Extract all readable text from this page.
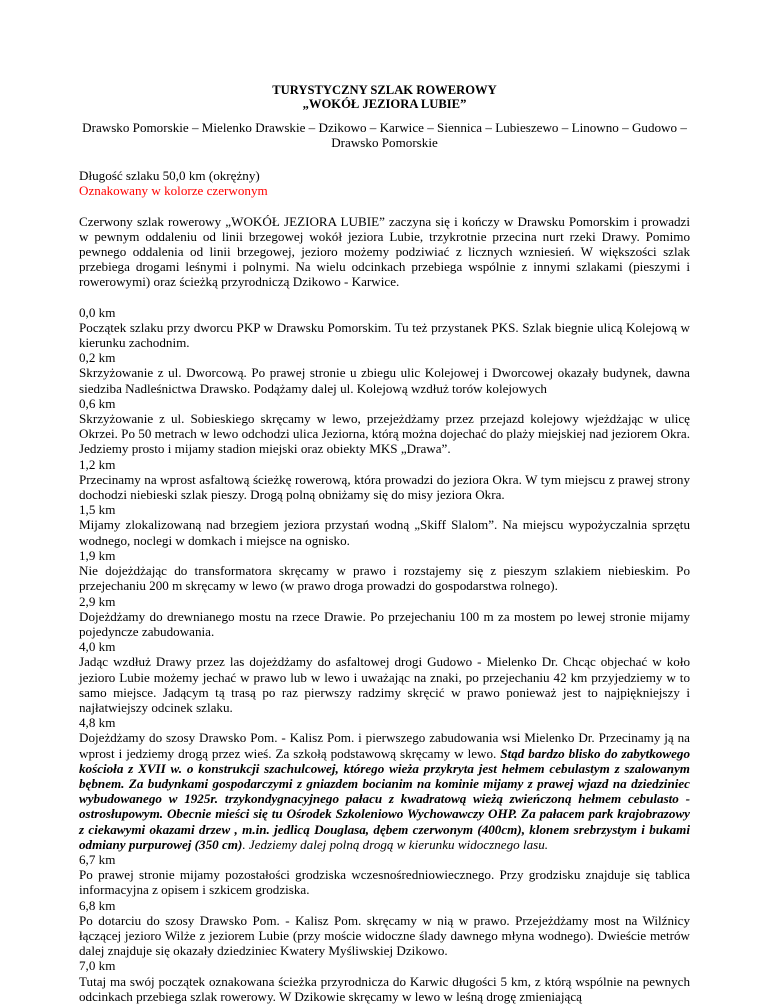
TURYSTYCZNY SZLAK ROWEROWY

„WOKÓŁ JEZIORA LUBIE”

Drawsko Pomorskie – Mielenko Drawskie – Dzikowo – Karwice – Siennica – Lubieszewo – Linowno – Gudowo – Drawsko Pomorskie

Długość szlaku 50,0 km (okrężny)

Oznakowany w kolorze czerwonym

Czerwony szlak rowerowy „WOKÓŁ JEZIORA LUBIE” zaczyna się i kończy w Drawsku Pomorskim i prowadzi w pewnym oddaleniu od linii brzegowej wokół jeziora Lubie, trzykrotnie przecina nurt rzeki Drawy. Pomimo pewnego oddalenia od linii brzegowej, jezioro możemy podziwiać z licznych wzniesień. W większości szlak przebiega drogami leśnymi i polnymi. Na wielu odcinkach przebiega wspólnie z innymi szlakami (pieszymi i rowerowymi) oraz ścieżką przyrodniczą Dzikowo - Karwice.

0,0 km

Początek szlaku przy dworcu PKP w Drawsku Pomorskim. Tu też przystanek PKS. Szlak biegnie ulicą Kolejową w kierunku zachodnim.

0,2 km

Skrzyżowanie z ul. Dworcową. Po prawej stronie u zbiegu ulic Kolejowej i Dworcowej okazały budynek, dawna siedziba Nadleśnictwa Drawsko. Podążamy dalej ul. Kolejową wzdłuż torów kolejowych

0,6 km

Skrzyżowanie z ul. Sobieskiego skręcamy w lewo, przejeżdżamy przez przejazd kolejowy wjeżdżając w ulicę Okrzei. Po 50 metrach w lewo odchodzi ulica Jeziorna, którą można dojechać do plaży miejskiej nad jeziorem Okra. Jedziemy prosto i mijamy stadion miejski oraz obiekty MKS „Drawa”.

1,2 km

Przecinamy na wprost asfaltową ścieżkę rowerową, która prowadzi do jeziora Okra. W tym miejscu z prawej strony dochodzi niebieski szlak pieszy. Drogą polną obniżamy się do misy jeziora Okra.

1,5 km

Mijamy zlokalizowaną nad brzegiem jeziora przystań wodną „Skiff Slalom”. Na miejscu wypożyczalnia sprzętu wodnego, noclegi w domkach i miejsce na ognisko.

1,9 km

Nie dojeżdżając do transformatora skręcamy w prawo i rozstajemy się z pieszym szlakiem niebieskim. Po przejechaniu 200 m skręcamy w lewo (w prawo droga prowadzi do gospodarstwa rolnego).

2,9 km

Dojeżdżamy do drewnianego mostu na rzece Drawie. Po przejechaniu 100 m za mostem po lewej stronie mijamy pojedyncze zabudowania.

4,0 km

Jadąc wzdłuż Drawy przez las dojeżdżamy do asfaltowej drogi Gudowo - Mielenko Dr. Chcąc objechać w koło jezioro Lubie możemy jechać w prawo lub w lewo i uważając na znaki, po przejechaniu 42 km przyjedziemy w to samo miejsce. Jadącym tą trasą po raz pierwszy radzimy skręcić w prawo ponieważ jest to najpiękniejszy i najłatwiejszy odcinek szlaku.

4,8 km

Dojeżdżamy do szosy Drawsko Pom. - Kalisz Pom. i pierwszego zabudowania wsi Mielenko Dr. Przecinamy ją na wprost i jedziemy drogą przez wieś. Za szkołą podstawową skręcamy w lewo. Stąd bardzo blisko do zabytkowego kościoła z XVII w. o konstrukcji szachulcowej, którego wieża przykryta jest hełmem cebulastym z szalowanym bębnem. Za budynkami gospodarczymi z gniazdem bocianim na kominie mijamy z prawej wjazd na dziedziniec wybudowanego w 1925r. trzykondygnacyjnego pałacu z kwadratową wieżą zwieńczoną hełmem cebulasto - ostrosłupowym. Obecnie mieści się tu Ośrodek Szkoleniowo Wychowawczy OHP. Za pałacem park krajobrazowy z ciekawymi okazami drzew , m.in. jedlicą Douglasa, dębem czerwonym (400cm), klonem srebrzystym i bukami odmiany purpurowej (350 cm). Jedziemy dalej polną drogą w kierunku widocznego lasu.

6,7 km

Po prawej stronie mijamy pozostałości grodziska wczesnośredniowiecznego. Przy grodzisku znajduje się tablica informacyjna z opisem i szkicem grodziska.

6,8 km

Po dotarciu do szosy Drawsko Pom. - Kalisz Pom. skręcamy w nią w prawo. Przejeżdżamy most na Wilźnicy łączącej jezioro Wilże z jeziorem Lubie (przy moście widoczne ślady dawnego młyna wodnego). Dwieście metrów dalej znajduje się okazały dziedziniec Kwatery Myśliwskiej Dzikowo.

7,0 km

Tutaj ma swój początek oznakowana ścieżka przyrodnicza do Karwic długości 5 km, z którą wspólnie na pewnych odcinkach przebiega szlak rowerowy. W Dzikowie skręcamy w lewo w leśną drogę zmieniającą
